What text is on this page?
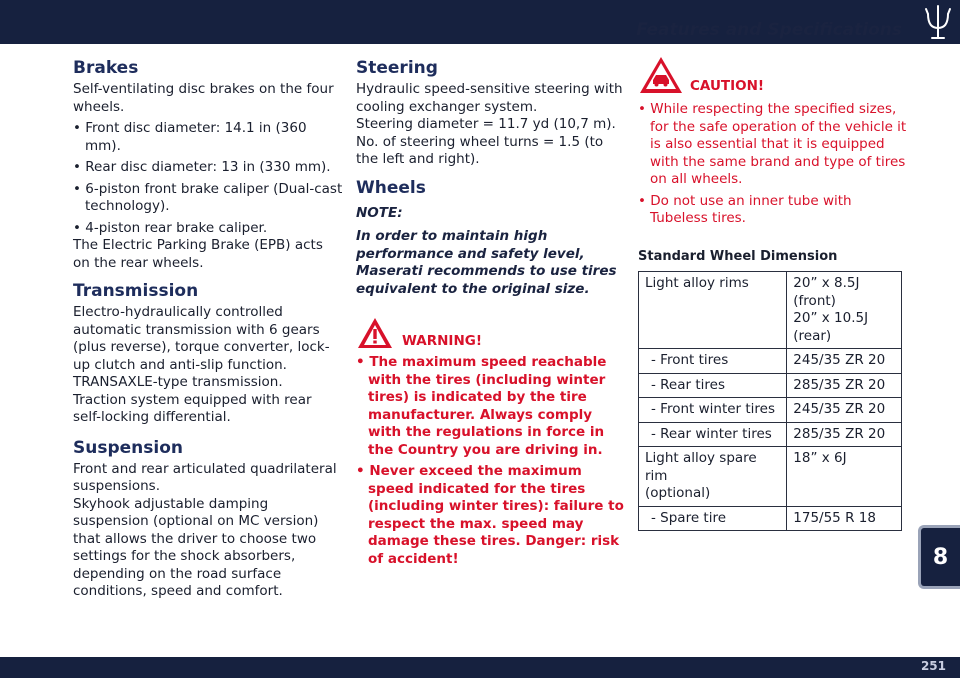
Features and Specifications
8
251
Brakes

Self-ventilating disc brakes on the four wheels.

• Front disc diameter: 14.1 in (360 mm).
• Rear disc diameter: 13 in (330 mm).
• 6-piston front brake caliper (Dual-cast technology).
• 4-piston rear brake caliper.

The Electric Parking Brake (EPB) acts on the rear wheels.

Transmission

Electro-hydraulically controlled automatic transmission with 6 gears (plus reverse), torque converter, lock-up clutch and anti-slip function.
TRANSAXLE-type transmission.
Traction system equipped with rear self-locking differential.

Suspension

Front and rear articulated quadrilateral suspensions.
Skyhook adjustable damping suspension (optional on MC version) that allows the driver to choose two settings for the shock absorbers, depending on the road surface conditions, speed and comfort.

Steering

Hydraulic speed-sensitive steering with cooling exchanger system.
Steering diameter = 11.7 yd (10,7 m).
No. of steering wheel turns = 1.5 (to the left and right).

Wheels

NOTE:

In order to maintain high performance and safety level, Maserati recommends to use tires equivalent to the original size.

WARNING!
• The maximum speed reachable with the tires (including winter tires) is indicated by the tire manufacturer. Always comply with the regulations in force in the Country you are driving in.
• Never exceed the maximum speed indicated for the tires (including winter tires): failure to respect the max. speed may damage these tires. Danger: risk of accident!
CAUTION!
• While respecting the specified sizes, for the safe operation of the vehicle it is also essential that it is equipped with the same brand and type of tires on all wheels.
• Do not use an inner tube with Tubeless tires.
Standard Wheel Dimension
Light alloy rims	20” x 8.5J
(front)
20” x 10.5J
(rear)
- Front tires	245/35 ZR 20
- Rear tires	285/35 ZR 20
- Front winter tires	245/35 ZR 20
- Rear winter tires	285/35 ZR 20
Light alloy spare rim
(optional)	18” x 6J
- Spare tire	175/55 R 18
